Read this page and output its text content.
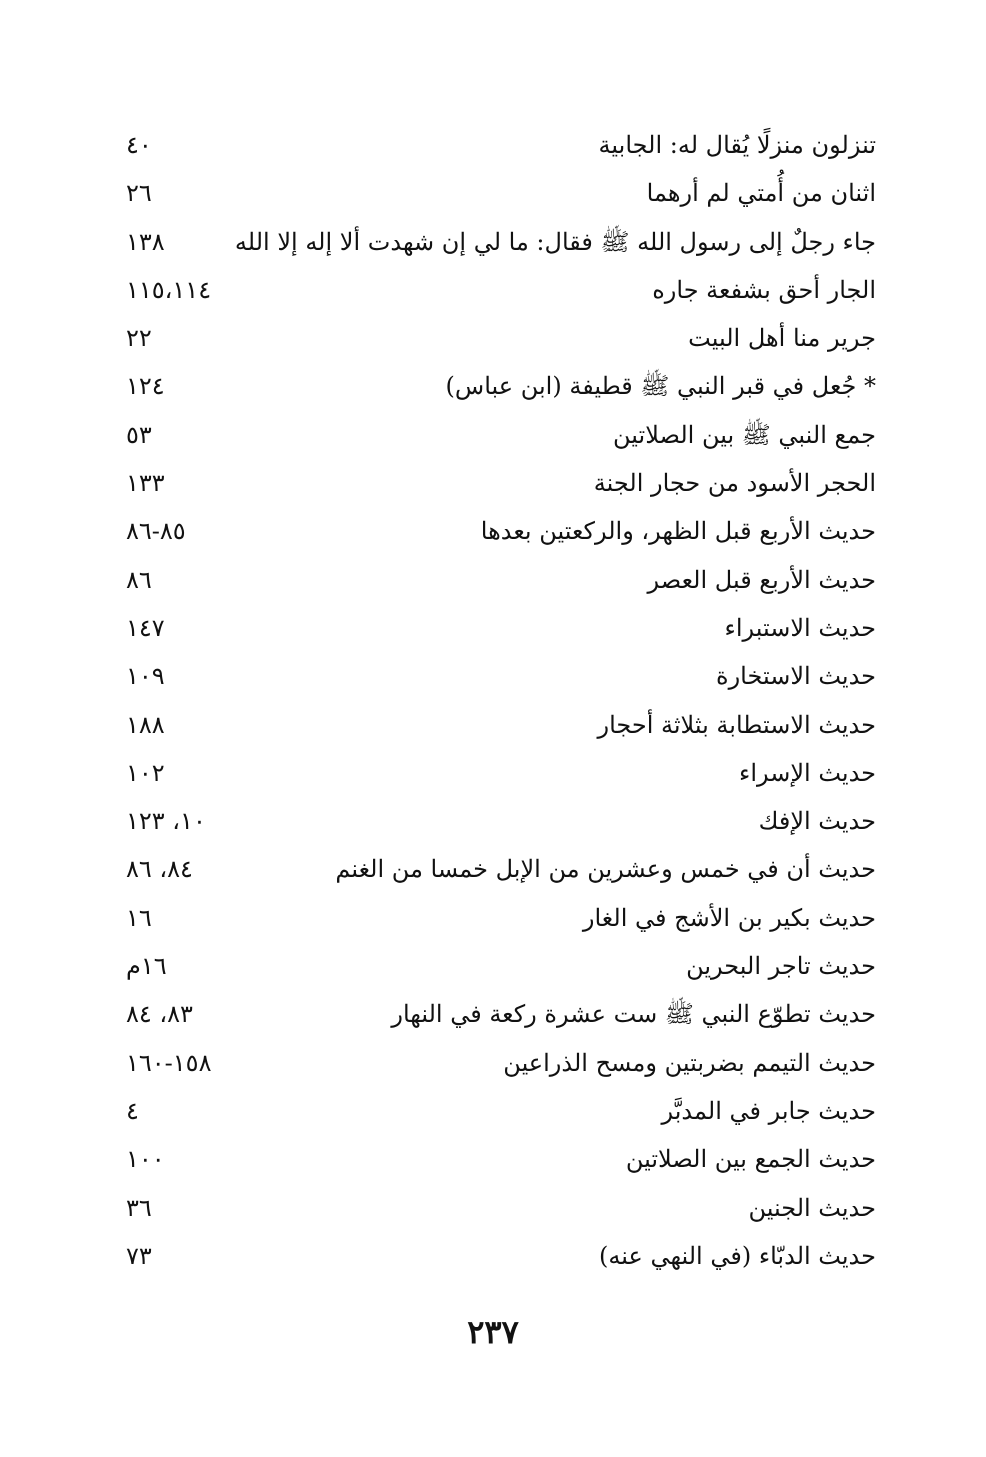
تنزلون منزلًا يُقال له: الجابية
٤٠
اثنان من أُمتي لم أرهما
٢٦
جاء رجلٌ إلى رسول الله ﷺ فقال: ما لي إن شهدت ألا إله إلا الله
١٣٨
الجار أحق بشفعة جاره
١١٥،١١٤
جرير منا أهل البيت
٢٢
* جُعل في قبر النبي ﷺ قطيفة (ابن عباس)
١٢٤
جمع النبي ﷺ بين الصلاتين
٥٣
الحجر الأسود من حجار الجنة
١٣٣
حديث الأربع قبل الظهر، والركعتين بعدها
٨٥-٨٦
حديث الأربع قبل العصر
٨٦
حديث الاستبراء
١٤٧
حديث الاستخارة
١٠٩
حديث الاستطابة بثلاثة أحجار
١٨٨
حديث الإسراء
١٠٢
حديث الإفك
١٠، ١٢٣
حديث أن في خمس وعشرين من الإبل خمسا من الغنم
٨٤، ٨٦
حديث بكير بن الأشج في الغار
١٦
حديث تاجر البحرين
١٦م
حديث تطوّع النبي ﷺ ست عشرة ركعة في النهار
٨٣، ٨٤
حديث التيمم بضربتين ومسح الذراعين
١٥٨-١٦٠
حديث جابر في المدبَّر
٤
حديث الجمع بين الصلاتين
١٠٠
حديث الجنين
٣٦
حديث الدبّاء (في النهي عنه)
٧٣
٢٣٧
